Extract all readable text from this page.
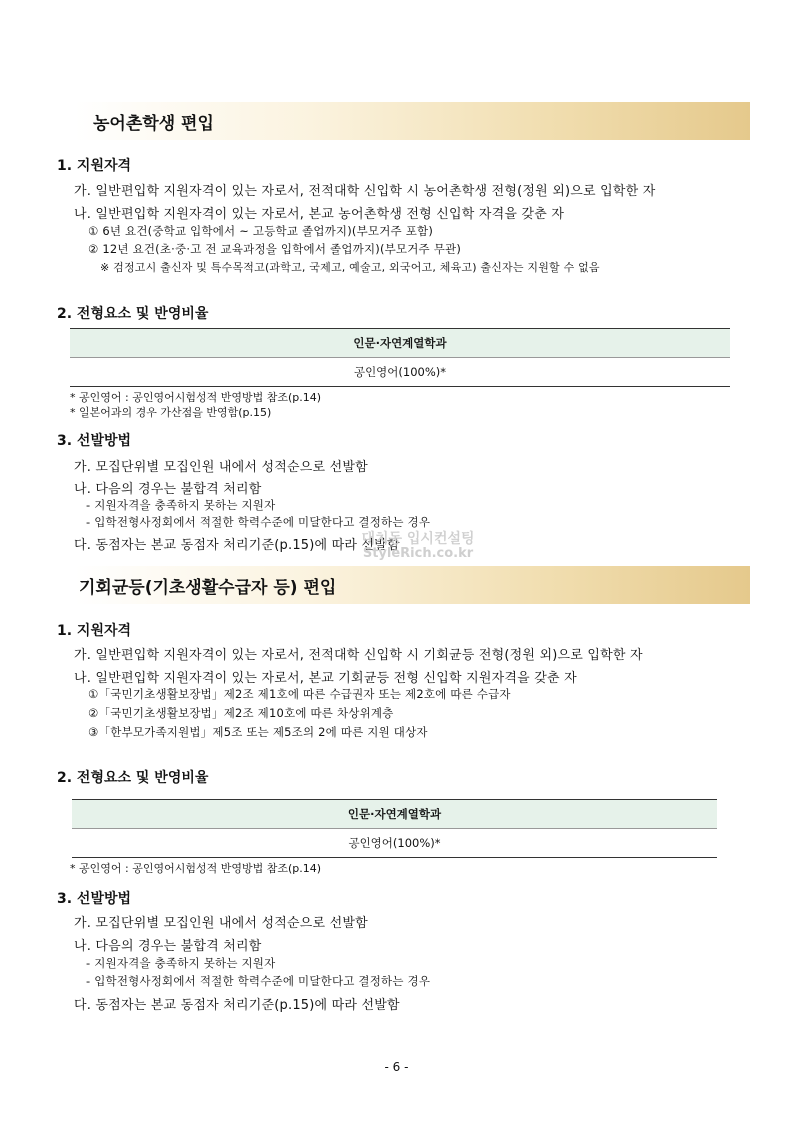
농어촌학생 편입
1. 지원자격
가. 일반편입학 지원자격이 있는 자로서, 전적대학 신입학 시 농어촌학생 전형(정원 외)으로 입학한 자
나. 일반편입학 지원자격이 있는 자로서, 본교 농어촌학생 전형 신입학 자격을 갖춘 자
① 6년 요건(중학교 입학에서 ~ 고등학교 졸업까지)(부모거주 포함)
② 12년 요건(초·중·고 전 교육과정을 입학에서 졸업까지)(부모거주 무관)
※ 검정고시 출신자 및 특수목적고(과학고, 국제고, 예술고, 외국어고, 체육고) 출신자는 지원할 수 없음
2. 전형요소 및 반영비율
인문·자연계열학과
공인영어(100%)*
* 공인영어 : 공인영어시험성적 반영방법 참조(p.14)
* 일본어과의 경우 가산점을 반영함(p.15)
3. 선발방법
가. 모집단위별 모집인원 내에서 성적순으로 선발함
나. 다음의 경우는 불합격 처리함
- 지원자격을 충족하지 못하는 지원자
- 입학전형사정회에서 적절한 학력수준에 미달한다고 결정하는 경우
다. 동점자는 본교 동점자 처리기준(p.15)에 따라 선발함
대치동 입시컨설팅
StyleRich.co.kr
기회균등(기초생활수급자 등) 편입
1. 지원자격
가. 일반편입학 지원자격이 있는 자로서, 전적대학 신입학 시 기회균등 전형(정원 외)으로 입학한 자
나. 일반편입학 지원자격이 있는 자로서, 본교 기회균등 전형 신입학 지원자격을 갖춘 자
①「국민기초생활보장법」제2조 제1호에 따른 수급권자 또는 제2호에 따른 수급자
②「국민기초생활보장법」제2조 제10호에 따른 차상위계층
③「한부모가족지원법」제5조 또는 제5조의 2에 따른 지원 대상자
2. 전형요소 및 반영비율
인문·자연계열학과
공인영어(100%)*
* 공인영어 : 공인영어시험성적 반영방법 참조(p.14)
3. 선발방법
가. 모집단위별 모집인원 내에서 성적순으로 선발함
나. 다음의 경우는 불합격 처리함
- 지원자격을 충족하지 못하는 지원자
- 입학전형사정회에서 적절한 학력수준에 미달한다고 결정하는 경우
다. 동점자는 본교 동점자 처리기준(p.15)에 따라 선발함
- 6 -
